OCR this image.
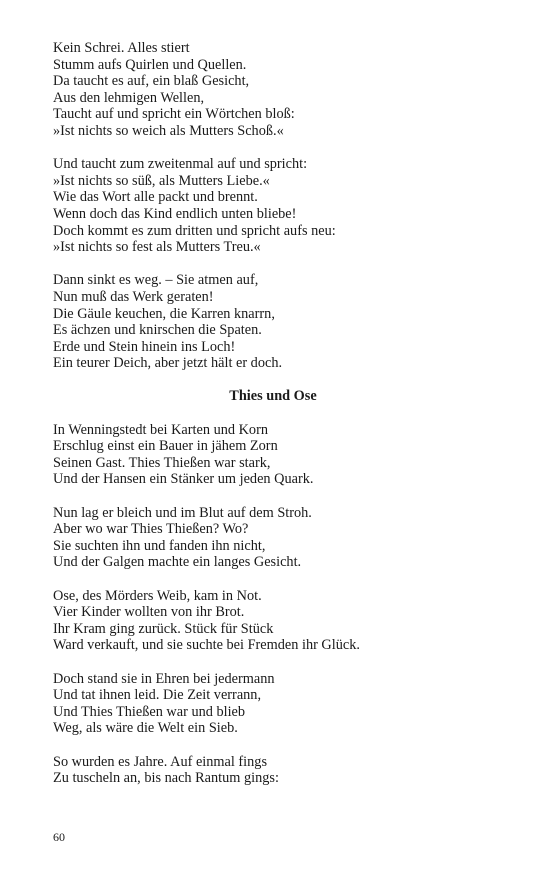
Kein Schrei. Alles stiert
Stumm aufs Quirlen und Quellen.
Da taucht es auf, ein blaß Gesicht,
Aus den lehmigen Wellen,
Taucht auf und spricht ein Wörtchen bloß:
»Ist nichts so weich als Mutters Schoß.«
Und taucht zum zweitenmal auf und spricht:
»Ist nichts so süß, als Mutters Liebe.«
Wie das Wort alle packt und brennt.
Wenn doch das Kind endlich unten bliebe!
Doch kommt es zum dritten und spricht aufs neu:
»Ist nichts so fest als Mutters Treu.«
Dann sinkt es weg. – Sie atmen auf,
Nun muß das Werk geraten!
Die Gäule keuchen, die Karren knarrn,
Es ächzen und knirschen die Spaten.
Erde und Stein hinein ins Loch!
Ein teurer Deich, aber jetzt hält er doch.
Thies und Ose
In Wenningstedt bei Karten und Korn
Erschlug einst ein Bauer in jähem Zorn
Seinen Gast. Thies Thießen war stark,
Und der Hansen ein Stänker um jeden Quark.
Nun lag er bleich und im Blut auf dem Stroh.
Aber wo war Thies Thießen? Wo?
Sie suchten ihn und fanden ihn nicht,
Und der Galgen machte ein langes Gesicht.
Ose, des Mörders Weib, kam in Not.
Vier Kinder wollten von ihr Brot.
Ihr Kram ging zurück. Stück für Stück
Ward verkauft, und sie suchte bei Fremden ihr Glück.
Doch stand sie in Ehren bei jedermann
Und tat ihnen leid. Die Zeit verrann,
Und Thies Thießen war und blieb
Weg, als wäre die Welt ein Sieb.
So wurden es Jahre. Auf einmal fings
Zu tuscheln an, bis nach Rantum gings:
60
